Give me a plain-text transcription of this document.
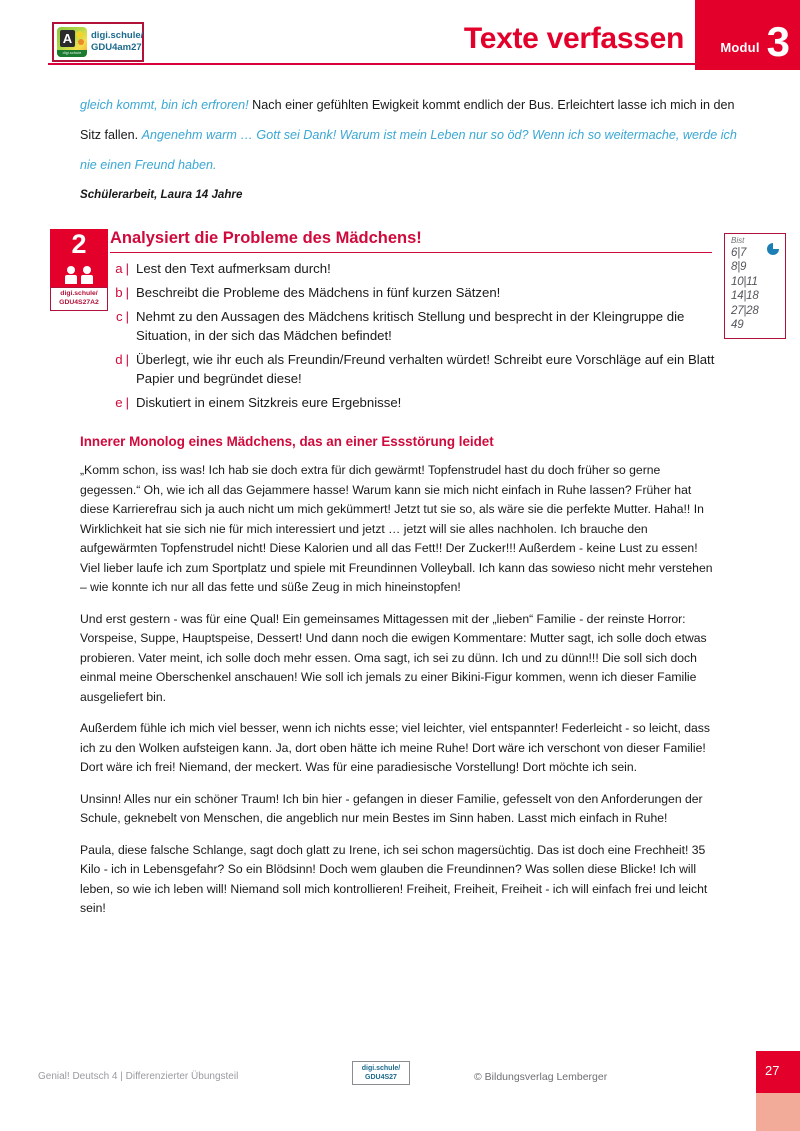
A
digi.schule
digi.schule/
GDU4am27	Texte verfassen	Modul 3
gleich kommt, bin ich erfroren! Nach einer gefühlten Ewigkeit kommt endlich der Bus. Erleichtert lasse ich mich in den Sitz fallen. Angenehm warm … Gott sei Dank! Warum ist mein Leben nur so öd? Wenn ich so weitermache, werde ich nie einen Freund haben.
Schülerarbeit, Laura 14 Jahre
2
digi.schule/
GDU4S27A2
Bist
6|7
8|9
10|11
14|18
27|28
49
Analysiert die Probleme des Mädchens!
a |	Lest den Text aufmerksam durch!
b |	Beschreibt die Probleme des Mädchens in fünf kurzen Sätzen!
c |	Nehmt zu den Aussagen des Mädchens kritisch Stellung und besprecht in der Kleingruppe die Situation, in der sich das Mädchen befindet!
d |	Überlegt, wie ihr euch als Freundin/Freund verhalten würdet! Schreibt eure Vorschläge auf ein Blatt Papier und begründet diese!
e |	Diskutiert in einem Sitzkreis eure Ergebnisse!
Innerer Monolog eines Mädchens, das an einer Essstörung leidet
„Komm schon, iss was! Ich hab sie doch extra für dich gewärmt! Topfenstrudel hast du doch früher so gerne gegessen.“ Oh, wie ich all das Gejammere hasse! Warum kann sie mich nicht einfach in Ruhe lassen? Früher hat diese Karrierefrau sich ja auch nicht um mich gekümmert! Jetzt tut sie so, als wäre sie die perfekte Mutter. Haha!! In Wirklichkeit hat sie sich nie für mich interessiert und jetzt … jetzt will sie alles nachholen. Ich brauche den aufgewärmten Topfenstrudel nicht! Diese Kalorien und all das Fett!! Der Zucker!!! Außerdem - keine Lust zu essen! Viel lieber laufe ich zum Sportplatz und spiele mit Freundinnen Volleyball. Ich kann das sowieso nicht mehr verstehen – wie konnte ich nur all das fette und süße Zeug in mich hineinstopfen!
Und erst gestern - was für eine Qual! Ein gemeinsames Mittagessen mit der „lieben“ Familie - der reinste Horror: Vorspeise, Suppe, Hauptspeise, Dessert! Und dann noch die ewigen Kommentare: Mutter sagt, ich solle doch etwas probieren. Vater meint, ich solle doch mehr essen. Oma sagt, ich sei zu dünn. Ich und zu dünn!!! Die soll sich doch einmal meine Oberschenkel anschauen! Wie soll ich jemals zu einer Bikini-Figur kommen, wenn ich dieser Familie ausgeliefert bin.
Außerdem fühle ich mich viel besser, wenn ich nichts esse; viel leichter, viel entspannter! Federleicht - so leicht, dass ich zu den Wolken aufsteigen kann. Ja, dort oben hätte ich meine Ruhe! Dort wäre ich verschont von dieser Familie! Dort wäre ich frei! Niemand, der meckert. Was für eine paradiesische Vorstellung! Dort möchte ich sein.
Unsinn! Alles nur ein schöner Traum! Ich bin hier - gefangen in dieser Familie, gefesselt von den Anforderungen der Schule, geknebelt von Menschen, die angeblich nur mein Bestes im Sinn haben. Lasst mich einfach in Ruhe!
Paula, diese falsche Schlange, sagt doch glatt zu Irene, ich sei schon magersüchtig. Das ist doch eine Frechheit! 35 Kilo - ich in Lebensgefahr? So ein Blödsinn! Doch wem glauben die Freundinnen? Was sollen diese Blicke! Ich will leben, so wie ich leben will! Niemand soll mich kontrollieren! Freiheit, Freiheit, Freiheit - ich will einfach frei und leicht sein!
Genial! Deutsch 4 | Differenzierter Übungsteil
digi.schule/
GDU4S27	© Bildungsverlag Lemberger	27
